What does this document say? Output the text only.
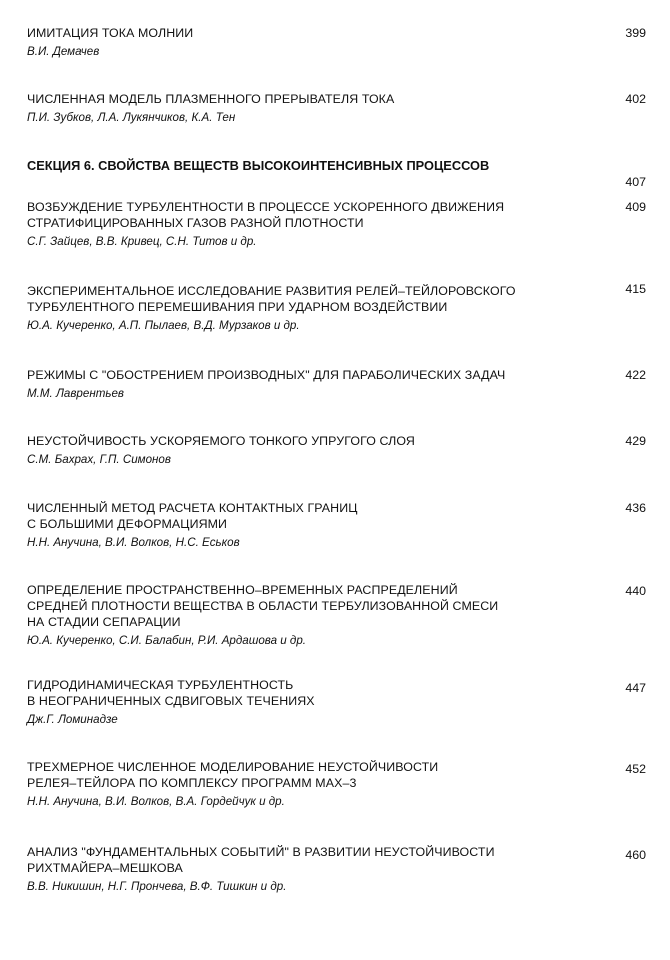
ИМИТАЦИЯ ТОКА МОЛНИИ
В.И. Демачев
399
ЧИСЛЕННАЯ МОДЕЛЬ ПЛАЗМЕННОГО ПРЕРЫВАТЕЛЯ ТОКА
П.И. Зубков, Л.А. Лукянчиков, К.А. Тен
402
СЕКЦИЯ 6. СВОЙСТВА ВЕЩЕСТВ ВЫСОКОИНТЕНСИВНЫХ ПРОЦЕССОВ
407
ВОЗБУЖДЕНИЕ ТУРБУЛЕНТНОСТИ В ПРОЦЕССЕ УСКОРЕННОГО ДВИЖЕНИЯ СТРАТИФИЦИРОВАННЫХ ГАЗОВ РАЗНОЙ ПЛОТНОСТИ
С.Г. Зайцев, В.В. Кривец, С.Н. Титов и др.
409
ЭКСПЕРИМЕНТАЛЬНОЕ ИССЛЕДОВАНИЕ РАЗВИТИЯ РЕЛЕЙ–ТЕЙЛОРОВСКОГО ТУРБУЛЕНТНОГО ПЕРЕМЕШИВАНИЯ ПРИ УДАРНОМ ВОЗДЕЙСТВИИ
Ю.А. Кучеренко, А.П. Пылаев, В.Д. Мурзаков и др.
415
РЕЖИМЫ С "ОБОСТРЕНИЕМ ПРОИЗВОДНЫХ" ДЛЯ ПАРАБОЛИЧЕСКИХ ЗАДАЧ
М.М. Лаврентьев
422
НЕУСТОЙЧИВОСТЬ УСКОРЯЕМОГО ТОНКОГО УПРУГОГО СЛОЯ
С.М. Бахрах, Г.П. Симонов
429
ЧИСЛЕННЫЙ МЕТОД РАСЧЕТА КОНТАКТНЫХ ГРАНИЦ
С БОЛЬШИМИ ДЕФОРМАЦИЯМИ
Н.Н. Анучина, В.И. Волков, Н.С. Еськов
436
ОПРЕДЕЛЕНИЕ ПРОСТРАНСТВЕННО–ВРЕМЕННЫХ РАСПРЕДЕЛЕНИЙ
СРЕДНЕЙ ПЛОТНОСТИ ВЕЩЕСТВА В ОБЛАСТИ ТЕРБУЛИЗОВАННОЙ СМЕСИ
НА СТАДИИ СЕПАРАЦИИ
Ю.А. Кучеренко, С.И. Балабин, Р.И. Ардашова и др.
440
ГИДРОДИНАМИЧЕСКАЯ ТУРБУЛЕНТНОСТЬ
В НЕОГРАНИЧЕННЫХ СДВИГОВЫХ ТЕЧЕНИЯХ
Дж.Г. Ломинадзе
447
ТРЕХМЕРНОЕ ЧИСЛЕННОЕ МОДЕЛИРОВАНИЕ НЕУСТОЙЧИВОСТИ
РЕЛЕЯ–ТЕЙЛОРА ПО КОМПЛЕКСУ ПРОГРАММ МАХ–3
Н.Н. Анучина, В.И. Волков, В.А. Гордейчук и др.
452
АНАЛИЗ "ФУНДАМЕНТАЛЬНЫХ СОБЫТИЙ" В РАЗВИТИИ НЕУСТОЙЧИВОСТИ
РИХТМАЙЕРА–МЕШКОВА
В.В. Никишин, Н.Г. Прончева, В.Ф. Тишкин и др.
460
